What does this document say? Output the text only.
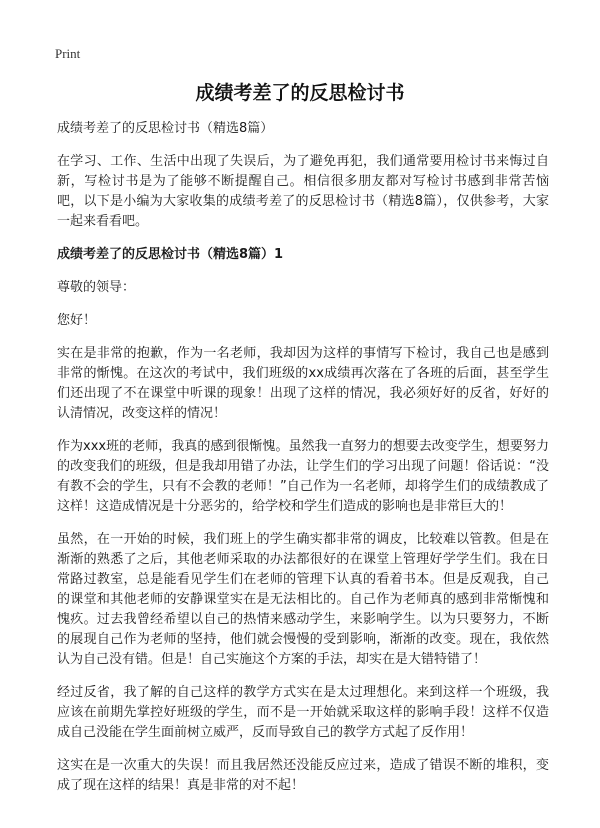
Print
成绩考差了的反思检讨书

成绩考差了的反思检讨书（精选8篇）

在学习、工作、生活中出现了失误后，为了避免再犯，我们通常要用检讨书来悔过自新，写检讨书是为了能够不断提醒自己。相信很多朋友都对写检讨书感到非常苦恼吧，以下是小编为大家收集的成绩考差了的反思检讨书（精选8篇），仅供参考，大家一起来看看吧。

成绩考差了的反思检讨书（精选8篇）1

尊敬的领导：

您好！

实在是非常的抱歉，作为一名老师，我却因为这样的事情写下检讨，我自己也是感到非常的惭愧。在这次的考试中，我们班级的xx成绩再次落在了各班的后面，甚至学生们还出现了不在课堂中听课的现象！出现了这样的情况，我必须好好的反省，好好的认清情况，改变这样的情况！

作为xxx班的老师，我真的感到很惭愧。虽然我一直努力的想要去改变学生，想要努力的改变我们的班级，但是我却用错了办法，让学生们的学习出现了问题！俗话说：“没有教不会的学生，只有不会教的老师！”自己作为一名老师，却将学生们的成绩教成了这样！这造成情况是十分恶劣的，给学校和学生们造成的影响也是非常巨大的！

虽然，在一开始的时候，我们班上的学生确实都非常的调皮，比较难以管教。但是在渐渐的熟悉了之后，其他老师采取的办法都很好的在课堂上管理好学学生们。我在日常路过教室，总是能看见学生们在老师的管理下认真的看着书本。但是反观我，自己的课堂和其他老师的安静课堂实在是无法相比的。自己作为老师真的感到非常惭愧和愧疚。过去我曾经希望以自己的热情来感动学生，来影响学生。以为只要努力，不断的展现自己作为老师的坚持，他们就会慢慢的受到影响，渐渐的改变。现在，我依然认为自己没有错。但是！自己实施这个方案的手法，却实在是大错特错了！

经过反省，我了解的自己这样的教学方式实在是太过理想化。来到这样一个班级，我应该在前期先掌控好班级的学生，而不是一开始就采取这样的影响手段！这样不仅造成自己没能在学生面前树立威严，反而导致自己的教学方式起了反作用！

这实在是一次重大的失误！而且我居然还没能反应过来，造成了错误不断的堆积，变成了现在这样的结果！真是非常的对不起！
